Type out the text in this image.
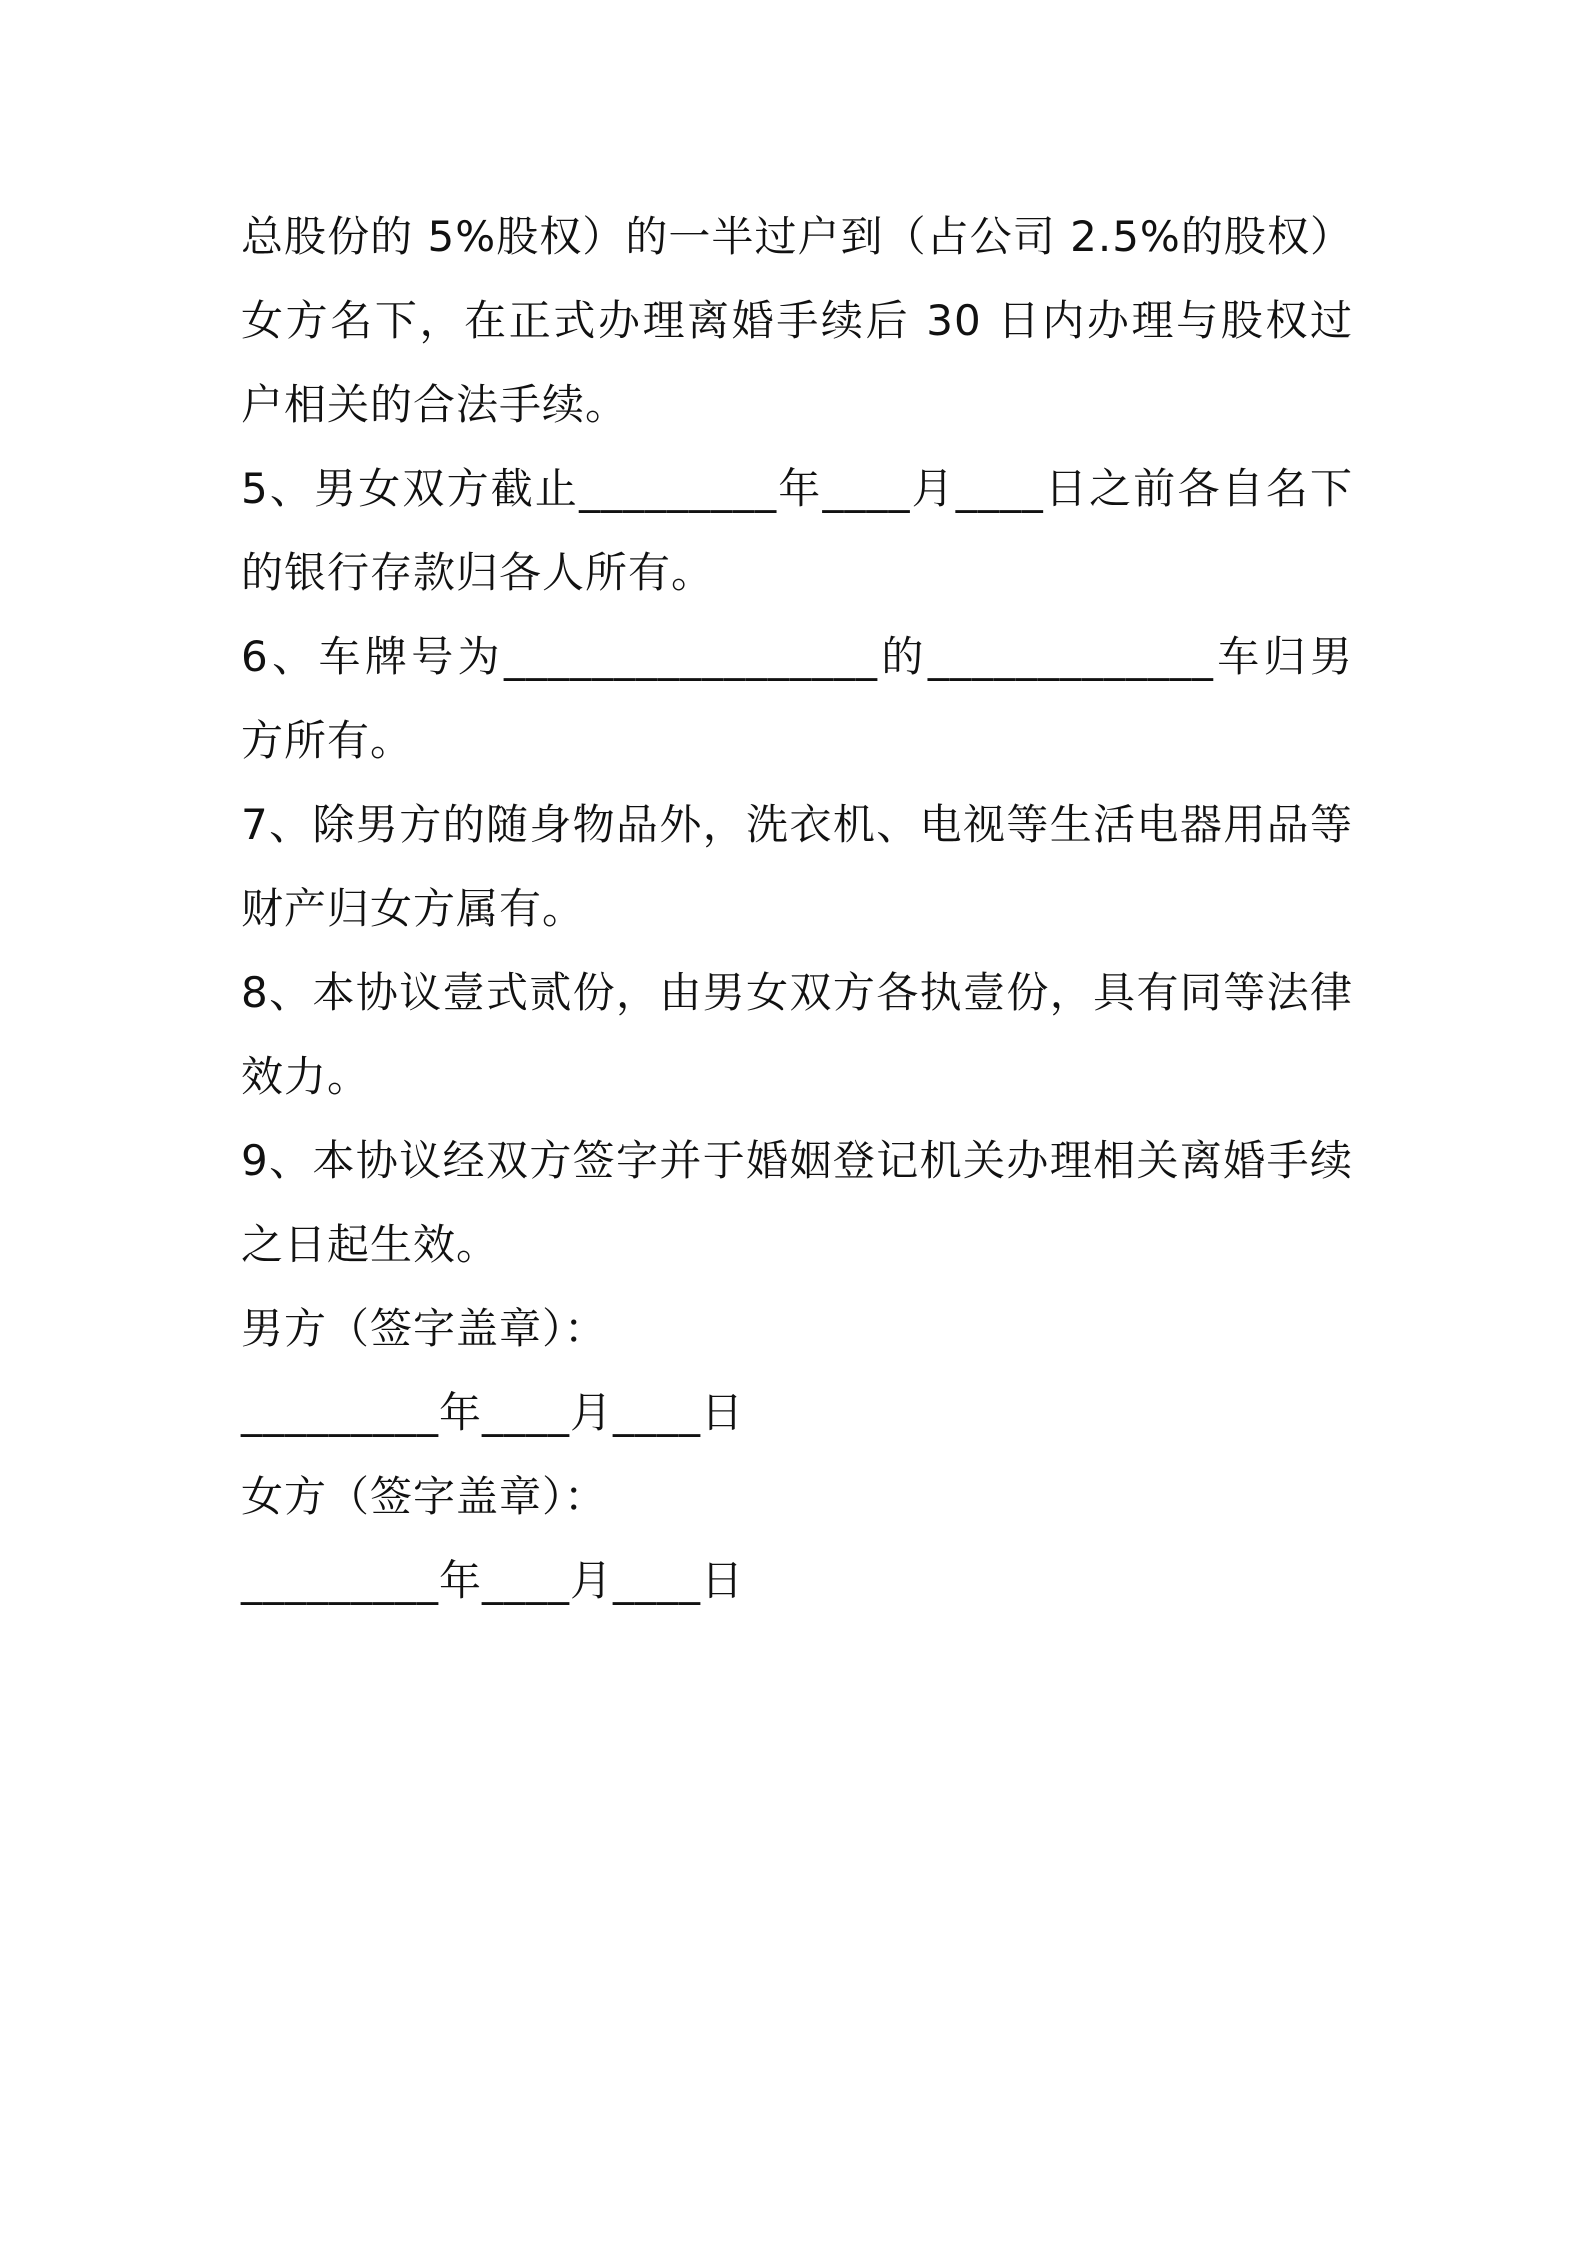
总股份的 5%股权）的一半过户到（占公司 2.5%的股权）女方名下，在正式办理离婚手续后 30 日内办理与股权过户相关的合法手续。

5、男女双方截止_________年____月____日之前各自名下的银行存款归各人所有。

6、车牌号为_________________的_____________车归男方所有。

7、除男方的随身物品外，洗衣机、电视等生活电器用品等财产归女方属有。

8、本协议壹式贰份，由男女双方各执壹份，具有同等法律效力。

9、本协议经双方签字并于婚姻登记机关办理相关离婚手续之日起生效。

男方（签字盖章）：

_________年____月____日

女方（签字盖章）：

_________年____月____日
